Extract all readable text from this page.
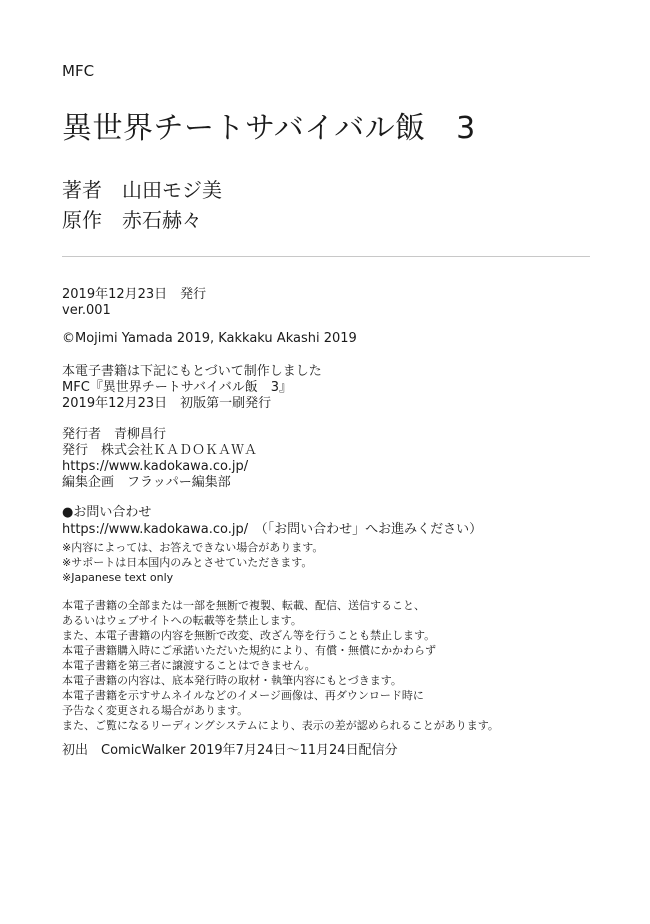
MFC
異世界チートサバイバル飯　3
著者 山田モジ美
原作 赤石赫々
2019年12月23日　発行
ver.001
©Mojimi Yamada 2019, Kakkaku Akashi 2019
本電子書籍は下記にもとづいて制作しました
MFC『異世界チートサバイバル飯　3』
2019年12月23日　初版第一刷発行
発行者　青柳昌行
発行　株式会社ＫＡＤＯＫＡＷＡ
https://www.kadokawa.co.jp/
編集企画　フラッパー編集部
●お問い合わせ
https://www.kadokawa.co.jp/　（「お問い合わせ」へお進みください）
※内容によっては、お答えできない場合があります。
※サポートは日本国内のみとさせていただきます。
※Japanese text only
本電子書籍の全部または一部を無断で複製、転載、配信、送信すること、
あるいはウェブサイトへの転載等を禁止します。
また、本電子書籍の内容を無断で改変、改ざん等を行うことも禁止します。
本電子書籍購入時にご承諾いただいた規約により、有償・無償にかかわらず
本電子書籍を第三者に譲渡することはできません。
本電子書籍の内容は、底本発行時の取材・執筆内容にもとづきます。
本電子書籍を示すサムネイルなどのイメージ画像は、再ダウンロード時に
予告なく変更される場合があります。
また、ご覧になるリーディングシステムにより、表示の差が認められることがあります。
初出　ComicWalker 2019年7月24日～11月24日配信分
